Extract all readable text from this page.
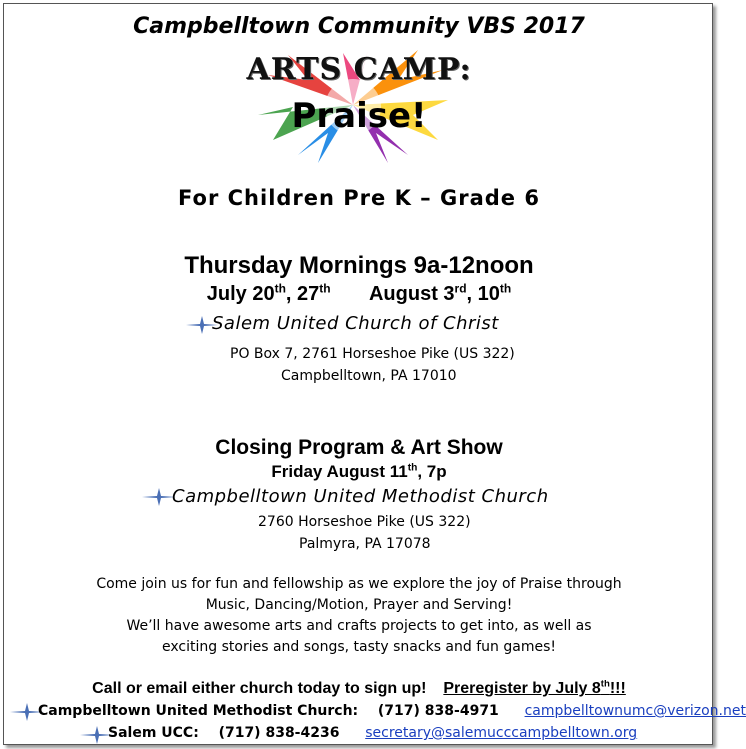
Campbelltown Community VBS 2017
ARTS CAMP:
Praise!
For Children Pre K – Grade 6
Thursday Mornings 9a-12noon
July 20th, 27th August 3rd, 10th
Salem United Church of Christ
PO Box 7, 2761 Horseshoe Pike (US 322)
Campbelltown, PA 17010
Closing Program & Art Show
Friday August 11th, 7p
Campbelltown United Methodist Church
2760 Horseshoe Pike (US 322)
Palmyra, PA 17078
Come join us for fun and fellowship as we explore the joy of Praise through
Music, Dancing/Motion, Prayer and Serving!
We’ll have awesome arts and crafts projects to get into, as well as
exciting stories and songs, tasty snacks and fun games!
Call or email either church today to sign up! Preregister by July 8th!!!
Campbelltown United Methodist Church: (717) 838-4971 campbelltownumc@verizon.net
Salem UCC: (717) 838-4236 secretary@salemucccampbelltown.org
